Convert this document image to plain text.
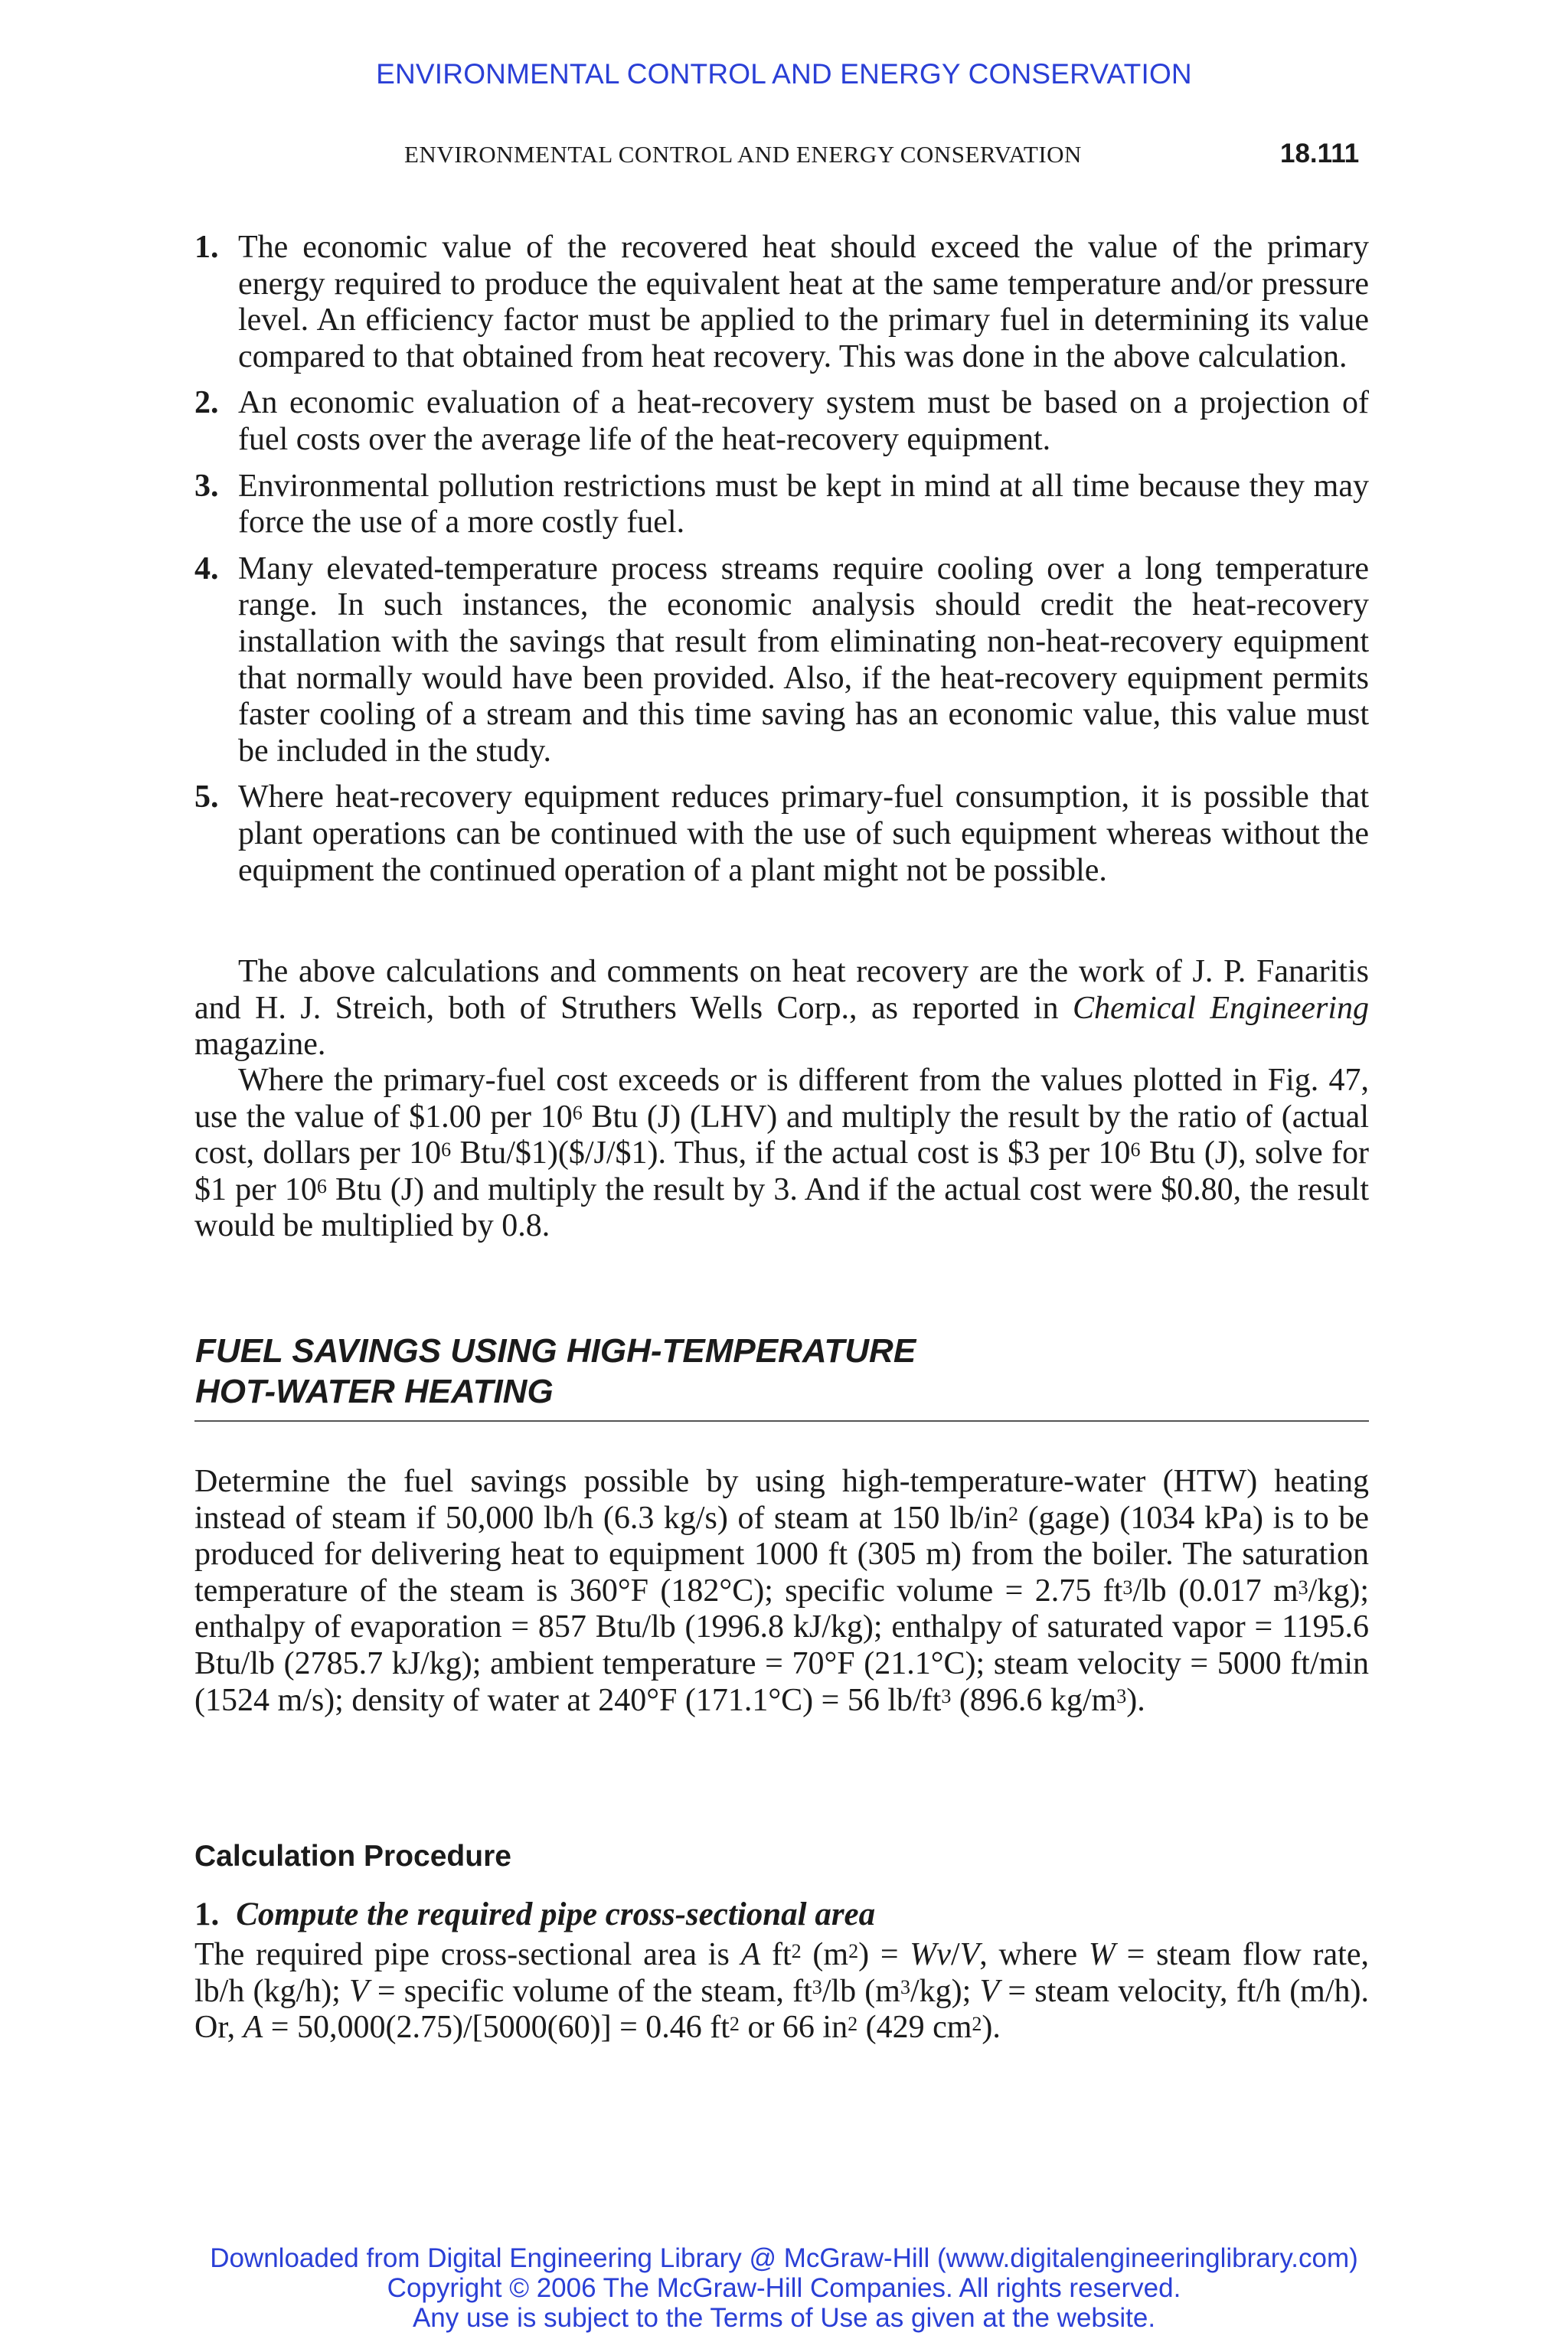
ENVIRONMENTAL CONTROL AND ENERGY CONSERVATION
ENVIRONMENTAL CONTROL AND ENERGY CONSERVATION	18.111
1. The economic value of the recovered heat should exceed the value of the primary energy required to produce the equivalent heat at the same temperature and/or pressure level. An efficiency factor must be applied to the primary fuel in determining its value compared to that obtained from heat recovery. This was done in the above calculation.
2. An economic evaluation of a heat-recovery system must be based on a projection of fuel costs over the average life of the heat-recovery equipment.
3. Environmental pollution restrictions must be kept in mind at all time because they may force the use of a more costly fuel.
4. Many elevated-temperature process streams require cooling over a long temperature range. In such instances, the economic analysis should credit the heat-recovery installation with the savings that result from eliminating non-heat-recovery equipment that normally would have been provided. Also, if the heat-recovery equipment permits faster cooling of a stream and this time saving has an economic value, this value must be included in the study.
5. Where heat-recovery equipment reduces primary-fuel consumption, it is possible that plant operations can be continued with the use of such equipment whereas without the equipment the continued operation of a plant might not be possible.
The above calculations and comments on heat recovery are the work of J. P. Fanaritis and H. J. Streich, both of Struthers Wells Corp., as reported in Chemical Engineering magazine.
Where the primary-fuel cost exceeds or is different from the values plotted in Fig. 47, use the value of $1.00 per $10^6$ Btu (J) (LHV) and multiply the result by the ratio of (actual cost, dollars per $10^6$ Btu/$1)($/J/$1). Thus, if the actual cost is $3 per $10^6$ Btu (J), solve for $1 per $10^6$ Btu (J) and multiply the result by 3. And if the actual cost were $0.80, the result would be multiplied by 0.8.
FUEL SAVINGS USING HIGH-TEMPERATURE
HOT-WATER HEATING
Determine the fuel savings possible by using high-temperature-water (HTW) heating instead of steam if 50,000 lb/h (6.3 kg/s) of steam at 150 $lb/in^2$ (gage) (1034 kPa) is to be produced for delivering heat to equipment 1000 ft (305 m) from the boiler. The saturation temperature of the steam is 360°F (182°C); specific volume = 2.75 $ft^3/lb$ (0.017 $m^3/kg$); enthalpy of evaporation = 857 Btu/lb (1996.8 kJ/kg); enthalpy of saturated vapor = 1195.6 Btu/lb (2785.7 kJ/kg); ambient temperature = 70°F (21.1°C); steam velocity = 5000 ft/min (1524 m/s); density of water at 240°F (171.1°C) = 56 $lb/ft^3$ (896.6 $kg/m^3$).
Calculation Procedure
1. Compute the required pipe cross-sectional area
The required pipe cross-sectional area is A $ft^2$ $(m^2) = Wv/V$, where W = steam flow rate, lb/h (kg/h); V = specific volume of the steam, $ft^3/lb$ $(m^3/kg)$; V = steam velocity, ft/h (m/h). Or, A = 50,000(2.75)/[5000(60)] = 0.46 $ft^2$ or 66 $in^2$ (429 $cm^2$).
Downloaded from Digital Engineering Library @ McGraw-Hill (www.digitalengineeringlibrary.com)
Copyright © 2006 The McGraw-Hill Companies. All rights reserved.
Any use is subject to the Terms of Use as given at the website.
